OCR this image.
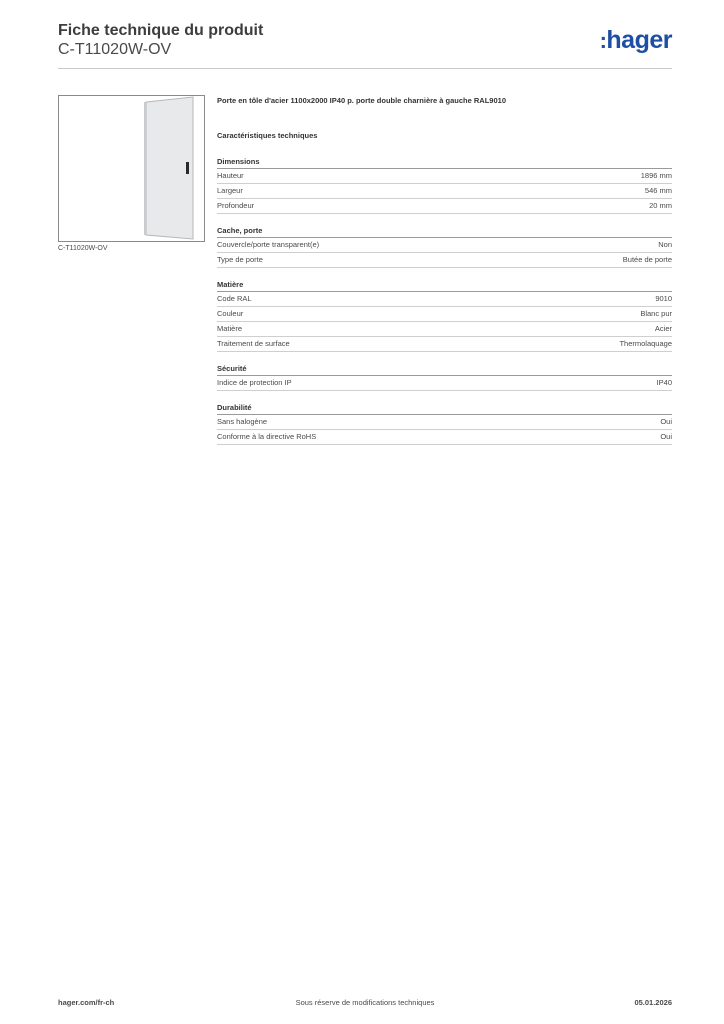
Fiche technique du produit
C-T11020W-OV	:hager
C-T11020W-OV
Porte en tôle d'acier 1100x2000 IP40 p. porte double charnière à gauche RAL9010
Caractéristiques techniques
Dimensions
Hauteur	1896 mm
Largeur	546 mm
Profondeur	20 mm
Cache, porte
Couvercle/porte transparent(e)	Non
Type de porte	Butée de porte
Matière
Code RAL	9010
Couleur	Blanc pur
Matière	Acier
Traitement de surface	Thermolaquage
Sécurité
Indice de protection IP	IP40
Durabilité
Sans halogène	Oui
Conforme à la directive RoHS	Oui
hager.com/fr-ch	Sous réserve de modifications techniques	05.01.2026
